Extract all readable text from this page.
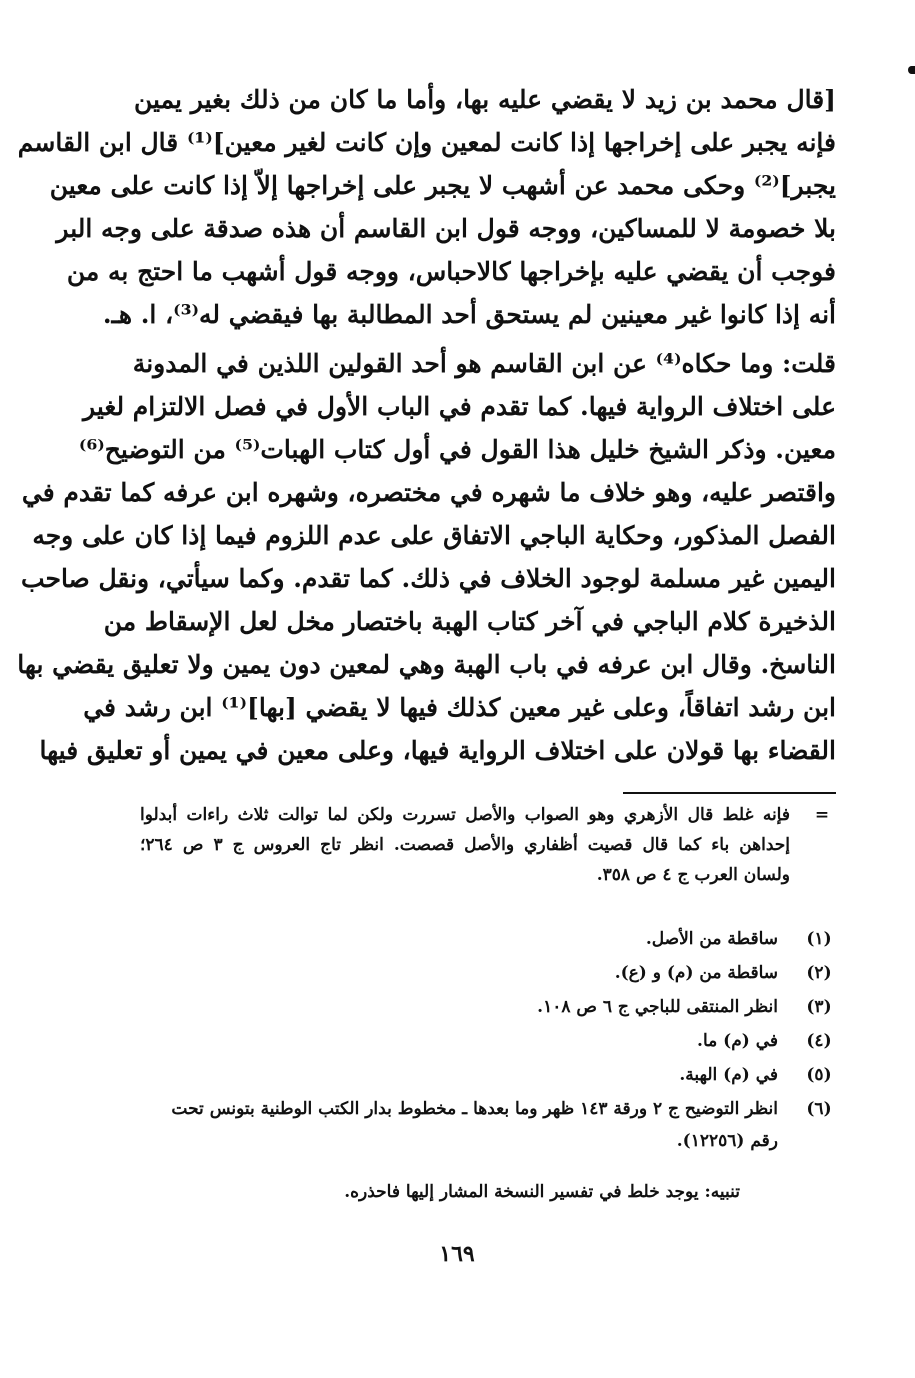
[قال محمد بن زيد لا يقضي عليه بها، وأما ما كان من ذلك بغير يمين
فإنه يجبر على إخراجها إذا كانت لمعين وإن كانت لغير معين]⁽¹⁾ قال ابن القاسم
يجبر]⁽²⁾ وحكى محمد عن أشهب لا يجبر على إخراجها إلاّ إذا كانت على معين
بلا خصومة لا للمساكين، ووجه قول ابن القاسم أن هذه صدقة على وجه البر
فوجب أن يقضي عليه بإخراجها كالاحباس، ووجه قول أشهب ما احتج به من
أنه إذا كانوا غير معينين لم يستحق أحد المطالبة بها فيقضي له⁽³⁾، ا. هـ.
قلت: وما حكاه⁽⁴⁾ عن ابن القاسم هو أحد القولين اللذين في المدونة
على اختلاف الرواية فيها. كما تقدم في الباب الأول في فصل الالتزام لغير
معين. وذكر الشيخ خليل هذا القول في أول كتاب الهبات⁽⁵⁾ من التوضيح⁽⁶⁾
واقتصر عليه، وهو خلاف ما شهره في مختصره، وشهره ابن عرفه كما تقدم في
الفصل المذكور، وحكاية الباجي الاتفاق على عدم اللزوم فيما إذا كان على وجه
اليمين غير مسلمة لوجود الخلاف في ذلك. كما تقدم. وكما سيأتي، ونقل صاحب
الذخيرة كلام الباجي في آخر كتاب الهبة باختصار مخل لعل الإسقاط من
الناسخ. وقال ابن عرفه في باب الهبة وهي لمعين دون يمين ولا تعليق يقضي بها
ابن رشد اتفاقاً، وعلى غير معين كذلك فيها لا يقضي [بها]⁽¹⁾ ابن رشد في
القضاء بها قولان على اختلاف الرواية فيها، وعلى معين في يمين أو تعليق فيها
=
فإنه غلط قال الأزهري وهو الصواب والأصل تسررت ولكن لما توالت ثلاث راءات أبدلوا
إحداهن باء كما قال قصيت أظفاري والأصل قصصت. انظر تاج العروس ج ٣ ص ٢٦٤؛
ولسان العرب ج ٤ ص ٣٥٨.
(١)
ساقطة من الأصل.
(٢)
ساقطة من (م) و (ع).
(٣)
انظر المنتقى للباجي ج ٦ ص ١٠٨.
(٤)
في (م) ما.
(٥)
في (م) الهبة.
(٦)
انظر التوضيح ج ٢ ورقة ١٤٣ ظهر وما بعدها ـ مخطوط بدار الكتب الوطنية بتونس تحت رقم (١٢٢٥٦).
تنبيه: يوجد خلط في تفسير النسخة المشار إليها فاحذره.
١٦٩
